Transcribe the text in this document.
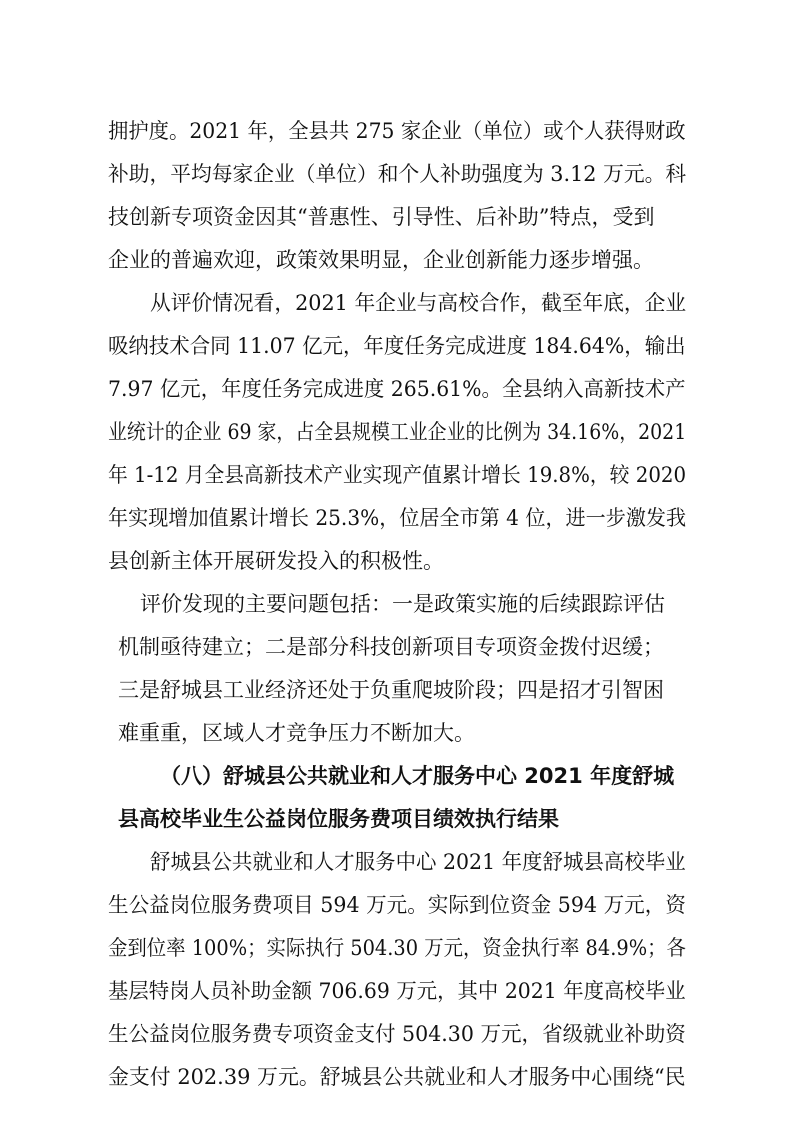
拥护度。2021 年，全县共 275 家企业（单位）或个人获得财政
补助，平均每家企业（单位）和个人补助强度为 3.12 万元。科
技创新专项资金因其“普惠性、引导性、后补助”特点，受到
企业的普遍欢迎，政策效果明显，企业创新能力逐步增强。
从评价情况看，2021 年企业与高校合作，截至年底，企业
吸纳技术合同 11.07 亿元，年度任务完成进度 184.64%，输出
7.97 亿元，年度任务完成进度 265.61%。全县纳入高新技术产
业统计的企业 69 家，占全县规模工业企业的比例为 34.16%，2021
年 1-12 月全县高新技术产业实现产值累计增长 19.8%，较 2020
年实现增加值累计增长 25.3%，位居全市第 4 位，进一步激发我
县创新主体开展研发投入的积极性。
评价发现的主要问题包括：一是政策实施的后续跟踪评估
机制亟待建立；二是部分科技创新项目专项资金拨付迟缓；
三是舒城县工业经济还处于负重爬坡阶段；四是招才引智困
难重重，区域人才竞争压力不断加大。
（八）舒城县公共就业和人才服务中心 2021 年度舒城
县高校毕业生公益岗位服务费项目绩效执行结果
舒城县公共就业和人才服务中心 2021 年度舒城县高校毕业
生公益岗位服务费项目 594 万元。实际到位资金 594 万元，资
金到位率 100%；实际执行 504.30 万元，资金执行率 84.9%；各
基层特岗人员补助金额 706.69 万元，其中 2021 年度高校毕业
生公益岗位服务费专项资金支付 504.30 万元，省级就业补助资
金支付 202.39 万元。舒城县公共就业和人才服务中心围绕“民
